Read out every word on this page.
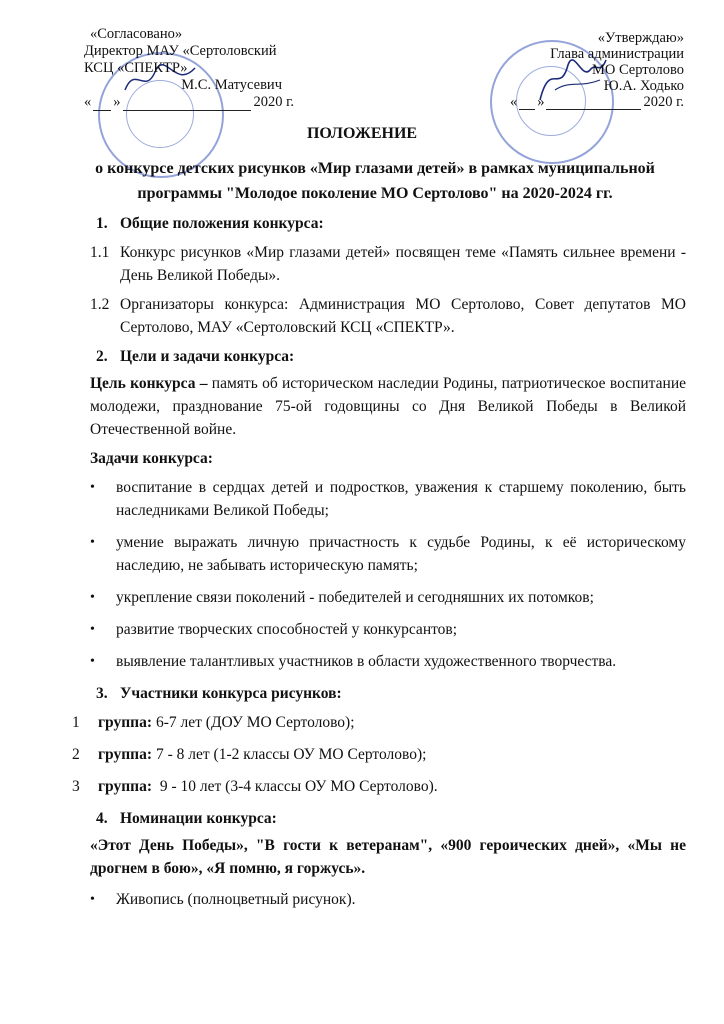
«Согласовано»
Директор МАУ «Сертоловский
КСЦ «СПЕКТР»
М.С. Матусевич
« »	2020 г.
«Утверждаю»
Глава администрации
МО Сертолово
Ю.А. Ходько
« »	2020 г.
ПОЛОЖЕНИЕ
о конкурсе детских рисунков «Мир глазами детей» в рамках муниципальной
программы "Молодое поколение МО Сертолово" на 2020-2024 гг.
1. Общие положения конкурса:
1.1 Конкурс рисунков «Мир глазами детей» посвящен теме «Память сильнее времени - День Великой Победы».
1.2 Организаторы конкурса: Администрация МО Сертолово, Совет депутатов МО Сертолово, МАУ «Сертоловский КСЦ «СПЕКТР».
2. Цели и задачи конкурса:
Цель конкурса – память об историческом наследии Родины, патриотическое воспитание молодежи, празднование 75-ой годовщины со Дня Великой Победы в Великой Отечественной войне.
Задачи конкурса:
•	воспитание в сердцах детей и подростков, уважения к старшему поколению, быть наследниками Великой Победы;
•	умение выражать личную причастность к судьбе Родины, к её историческому наследию, не забывать историческую память;
•	укрепление связи поколений - победителей и сегодняшних их потомков;
•	развитие творческих способностей у конкурсантов;
•	выявление талантливых участников в области художественного творчества.
3. Участники конкурса рисунков:
1	группа: 6-7 лет (ДОУ МО Сертолово);
2	группа: 7 - 8 лет (1-2 классы ОУ МО Сертолово);
3	группа: 9 - 10 лет (3-4 классы ОУ МО Сертолово).
4. Номинации конкурса:
«Этот День Победы», "В гости к ветеранам", «900 героических дней», «Мы не дрогнем в бою», «Я помню, я горжусь».
•	Живопись (полноцветный рисунок).
